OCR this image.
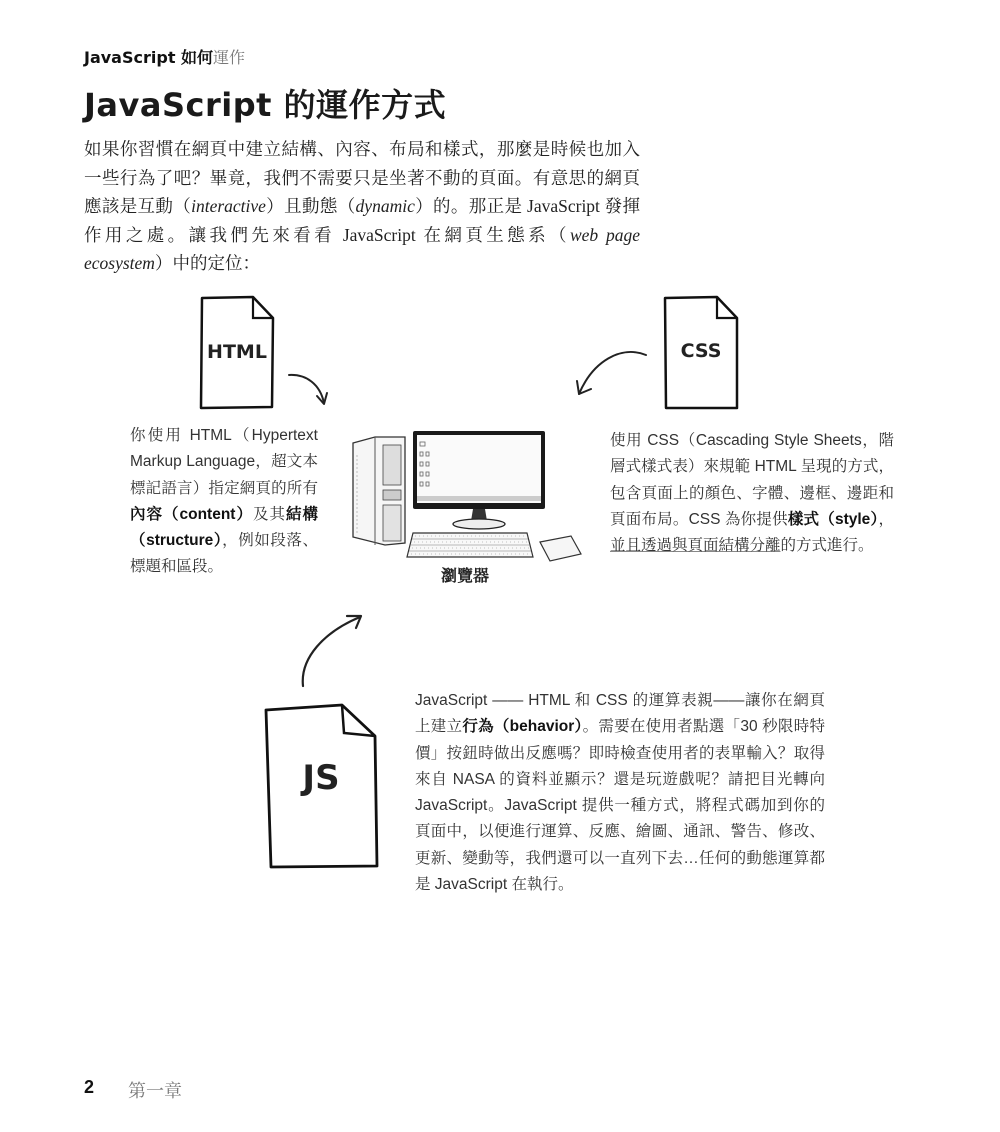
JavaScript 如何運作
JavaScript 的運作方式
如果你習慣在網頁中建立結構、內容、布局和樣式，那麼是時候也加入一些行為了吧？畢竟，我們不需要只是坐著不動的頁面。有意思的網頁應該是互動（interactive）且動態（dynamic）的。那正是 JavaScript 發揮作用之處。讓我們先來看看 JavaScript 在網頁生態系（web page ecosystem）中的定位：
HTML	CSS
瀏覽器
JS
你使用 HTML（Hypertext Markup Language，超文本標記語言）指定網頁的所有內容（content）及其結構（structure），例如段落、標題和區段。
使用 CSS（Cascading Style Sheets，階層式樣式表）來規範 HTML 呈現的方式，包含頁面上的顏色、字體、邊框、邊距和頁面布局。CSS 為你提供樣式（style），並且透過與頁面結構分離的方式進行。
JavaScript —— HTML 和 CSS 的運算表親——讓你在網頁上建立行為（behavior）。需要在使用者點選「30 秒限時特價」按鈕時做出反應嗎？即時檢查使用者的表單輸入？取得來自 NASA 的資料並顯示？還是玩遊戲呢？請把目光轉向 JavaScript。JavaScript 提供一種方式，將程式碼加到你的頁面中，以便進行運算、反應、繪圖、通訊、警告、修改、更新、變動等，我們還可以一直列下去…任何的動態運算都是 JavaScript 在執行。
2 第一章
